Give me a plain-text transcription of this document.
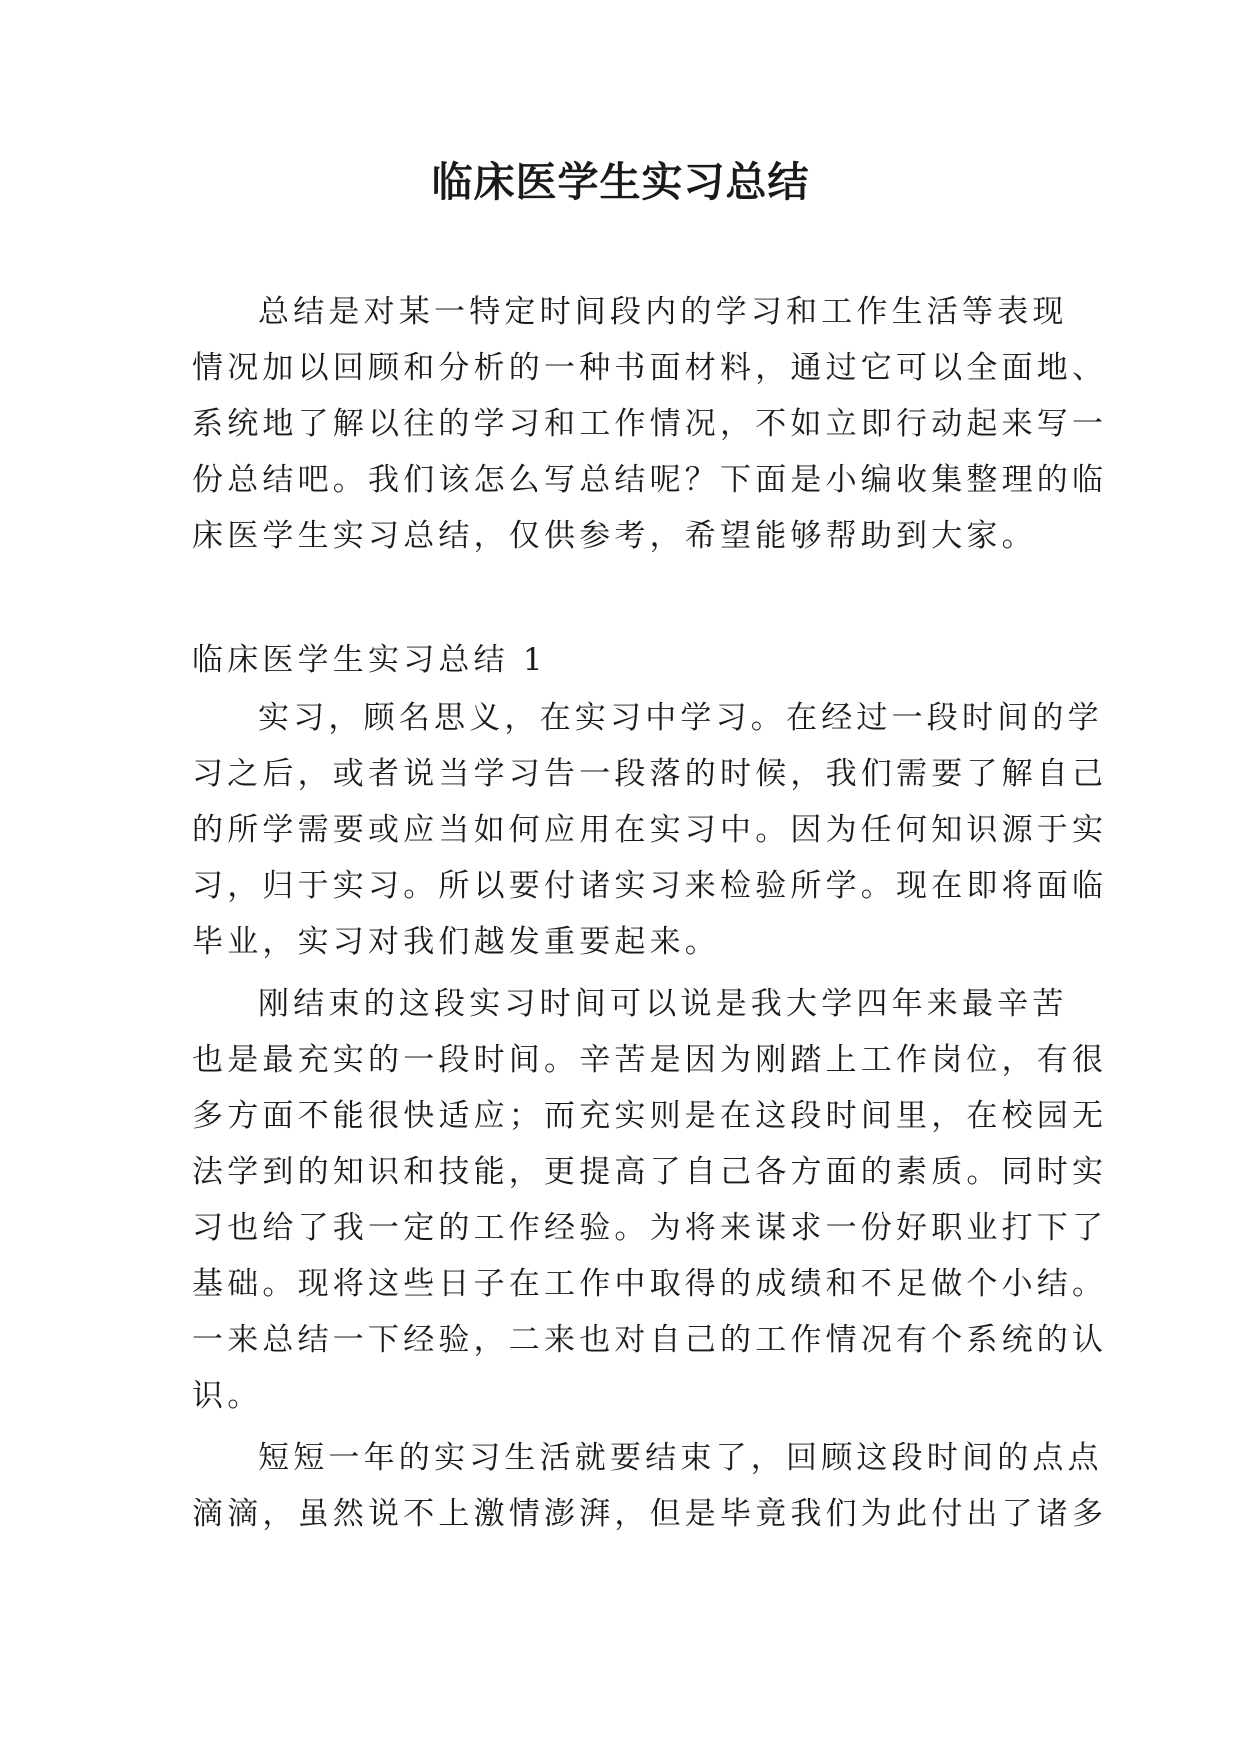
临床医学生实习总结
总结是对某一特定时间段内的学习和工作生活等表现
情况加以回顾和分析的一种书面材料，通过它可以全面地、
系统地了解以往的学习和工作情况，不如立即行动起来写一
份总结吧。我们该怎么写总结呢？下面是小编收集整理的临
床医学生实习总结，仅供参考，希望能够帮助到大家。
临床医学生实习总结 1
实习，顾名思义，在实习中学习。在经过一段时间的学
习之后，或者说当学习告一段落的时候，我们需要了解自己
的所学需要或应当如何应用在实习中。因为任何知识源于实
习，归于实习。所以要付诸实习来检验所学。现在即将面临
毕业，实习对我们越发重要起来。
刚结束的这段实习时间可以说是我大学四年来最辛苦
也是最充实的一段时间。辛苦是因为刚踏上工作岗位，有很
多方面不能很快适应；而充实则是在这段时间里，在校园无
法学到的知识和技能，更提高了自己各方面的素质。同时实
习也给了我一定的工作经验。为将来谋求一份好职业打下了
基础。现将这些日子在工作中取得的成绩和不足做个小结。
一来总结一下经验，二来也对自己的工作情况有个系统的认
识。
短短一年的实习生活就要结束了，回顾这段时间的点点
滴滴，虽然说不上激情澎湃，但是毕竟我们为此付出了诸多
